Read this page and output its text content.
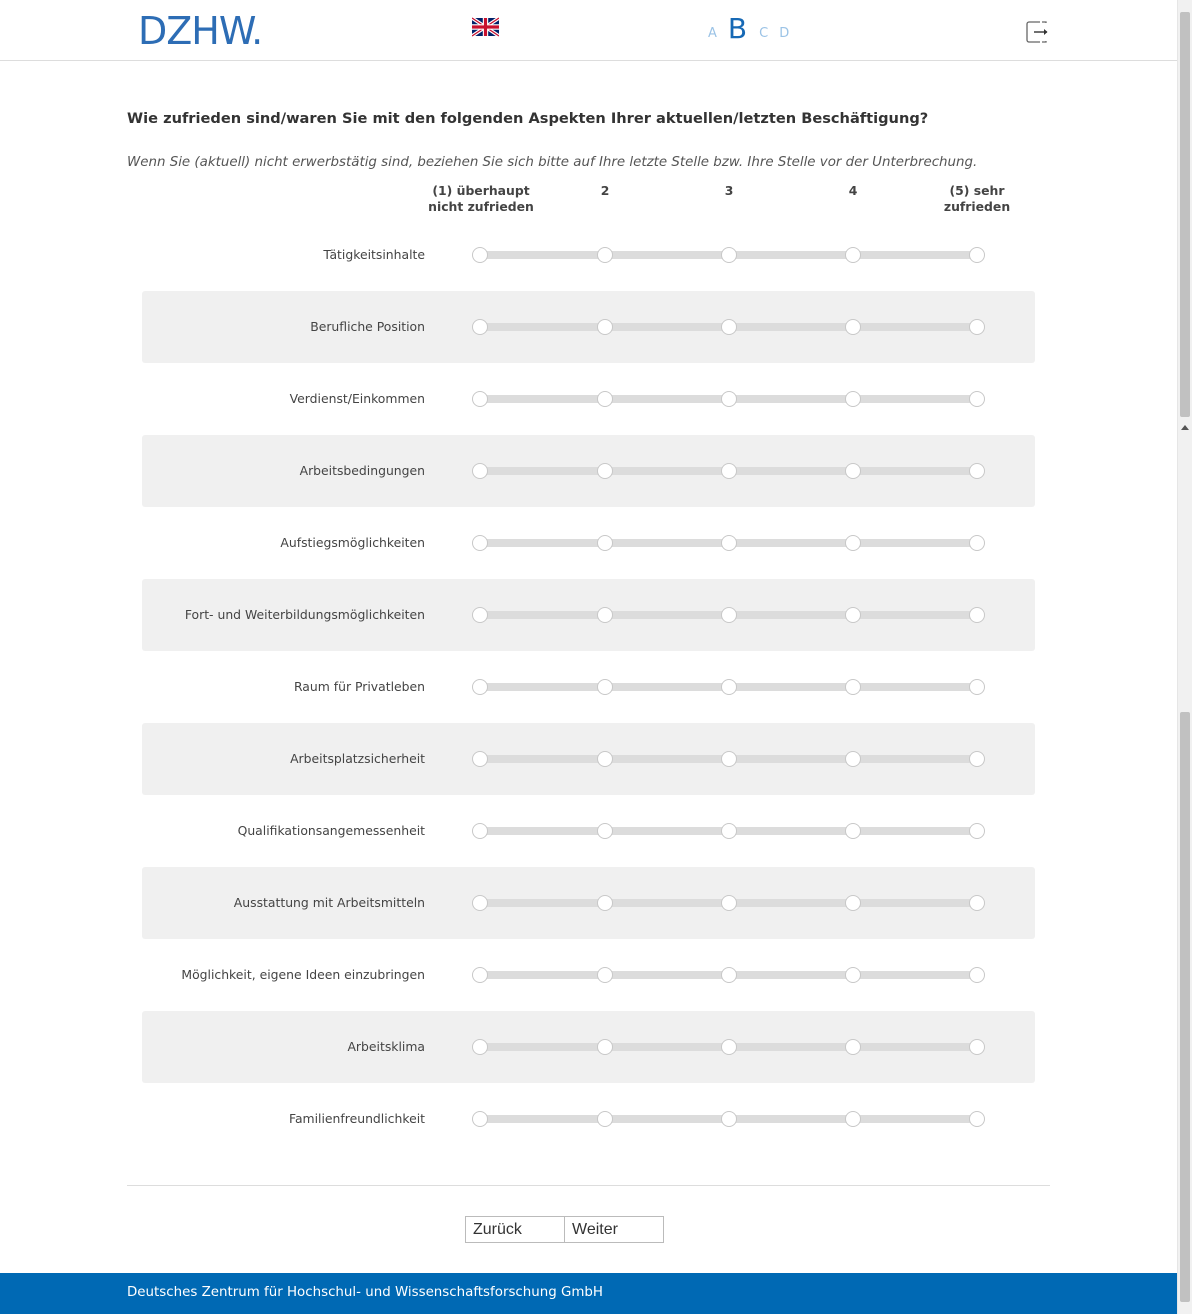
DZHW.	A B C D
Wie zufrieden sind/waren Sie mit den folgenden Aspekten Ihrer aktuellen/letzten Beschäftigung?
Wenn Sie (aktuell) nicht erwerbstätig sind, beziehen Sie sich bitte auf Ihre letzte Stelle bzw. Ihre Stelle vor der Unterbrechung.
(1) überhaupt
nicht zufrieden
2	3	4	(5) sehr
zufrieden
Tätigkeitsinhalte
Berufliche Position
Verdienst/Einkommen
Arbeitsbedingungen
Aufstiegsmöglichkeiten
Fort- und Weiterbildungsmöglichkeiten
Raum für Privatleben
Arbeitsplatzsicherheit
Qualifikationsangemessenheit
Ausstattung mit Arbeitsmitteln
Möglichkeit, eigene Ideen einzubringen
Arbeitsklima
Familienfreundlichkeit
Zurück	Weiter
Deutsches Zentrum für Hochschul- und Wissenschaftsforschung GmbH
